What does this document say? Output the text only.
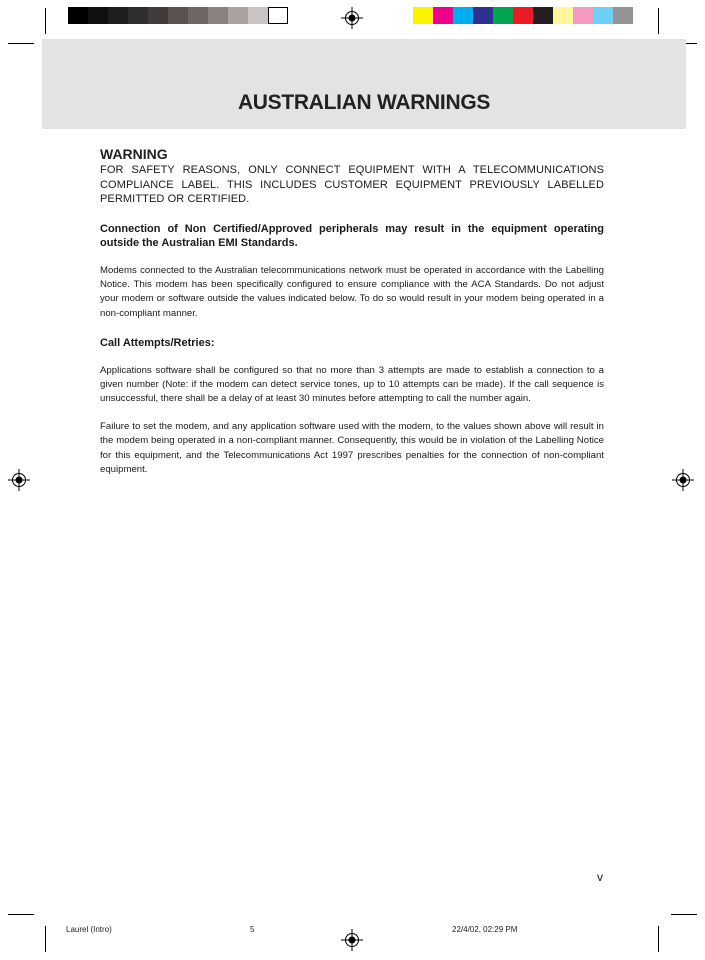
AUSTRALIAN WARNINGS
WARNING

FOR SAFETY REASONS, ONLY CONNECT EQUIPMENT WITH A TELECOMMUNICATIONS COMPLIANCE LABEL. THIS INCLUDES CUSTOMER EQUIPMENT PREVIOUSLY LABELLED PERMITTED OR CERTIFIED.

Connection of Non Certified/Approved peripherals may result in the equipment operating outside the Australian EMI Standards.

Modems connected to the Australian telecommunications network must be operated in accordance with the Labelling Notice. This modem has been specifically configured to ensure compliance with the ACA Standards. Do not adjust your modem or software outside the values indicated below. To do so would result in your modem being operated in a non-compliant manner.

Call Attempts/Retries:

Applications software shall be configured so that no more than 3 attempts are made to establish a connection to a given number (Note: if the modem can detect service tones, up to 10 attempts can be made). If the call sequence is unsuccessful, there shall be a delay of at least 30 minutes before attempting to call the number again.

Failure to set the modem, and any application software used with the modem, to the values shown above will result in the modem being operated in a non-compliant manner. Consequently, this would be in violation of the Labelling Notice for this equipment, and the Telecommunications Act 1997 prescribes penalties for the connection of non-compliant equipment.

v
Laurel (Intro)	5	22/4/02, 02:29 PM
